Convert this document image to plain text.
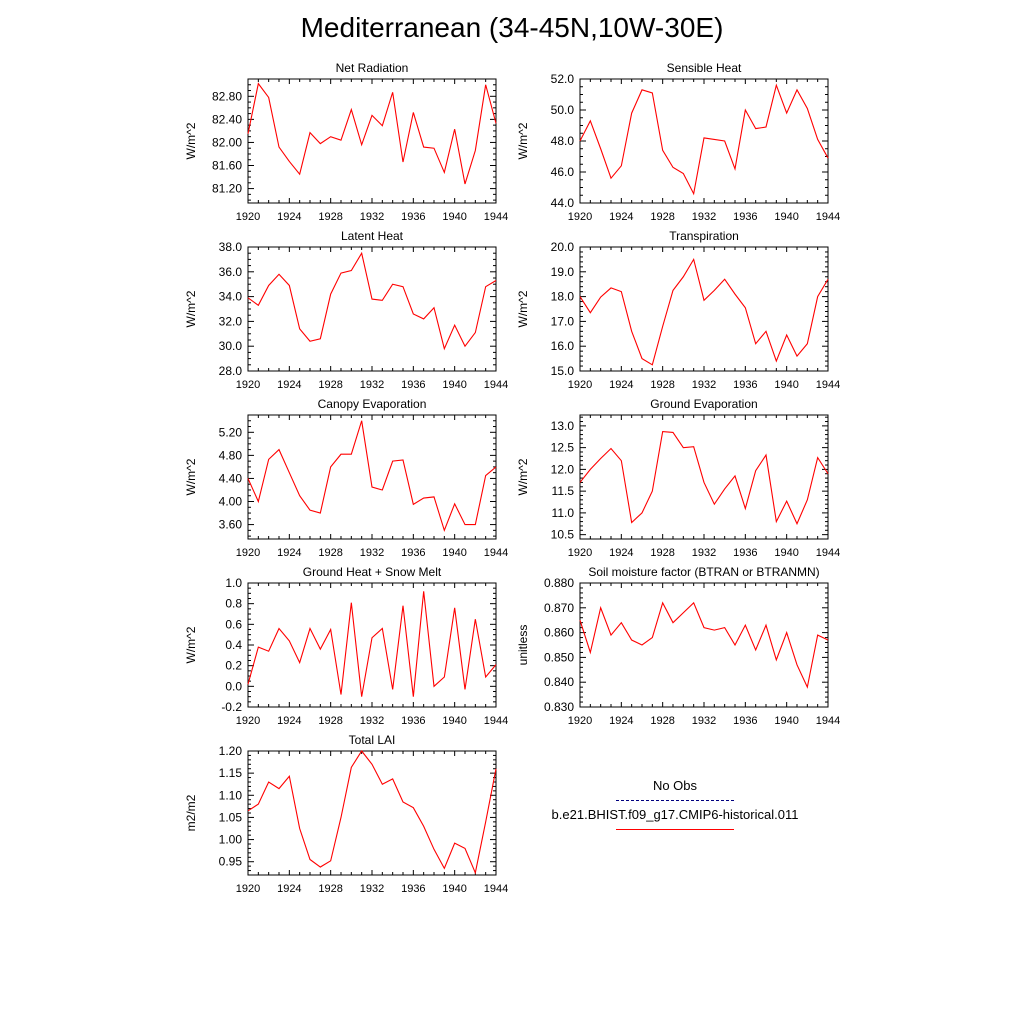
Mediterranean (34-45N,10W-30E)
1920 1924 1928 1932 1936 1940 1944
81.20
81.60
82.00
82.40
82.80
Net Radiation
W/m^2
1920 1924 1928 1932 1936 1940 1944
44.0
46.0
48.0
50.0
52.0
Sensible Heat
W/m^2
1920 1924 1928 1932 1936 1940 1944
28.0
30.0
32.0
34.0
36.0
38.0
Latent Heat
W/m^2
1920 1924 1928 1932 1936 1940 1944
15.0
16.0
17.0
18.0
19.0
20.0
Transpiration
W/m^2
1920 1924 1928 1932 1936 1940 1944
3.60
4.00
4.40
4.80
5.20
Canopy Evaporation
W/m^2
1920 1924 1928 1932 1936 1940 1944
10.5
11.0
11.5
12.0
12.5
13.0
Ground Evaporation
W/m^2
1920 1924 1928 1932 1936 1940 1944
-0.2
0.0
0.2
0.4
0.6
0.8
1.0
Ground Heat + Snow Melt
W/m^2
1920 1924 1928 1932 1936 1940 1944
0.830
0.840
0.850
0.860
0.870
0.880
Soil moisture factor (BTRAN or BTRANMN)
unitless
1920 1924 1928 1932 1936 1940 1944
0.95
1.00
1.05
1.10
1.15
1.20
Total LAI
m2/m2
No Obs
b.e21.BHIST.f09_g17.CMIP6-historical.011
